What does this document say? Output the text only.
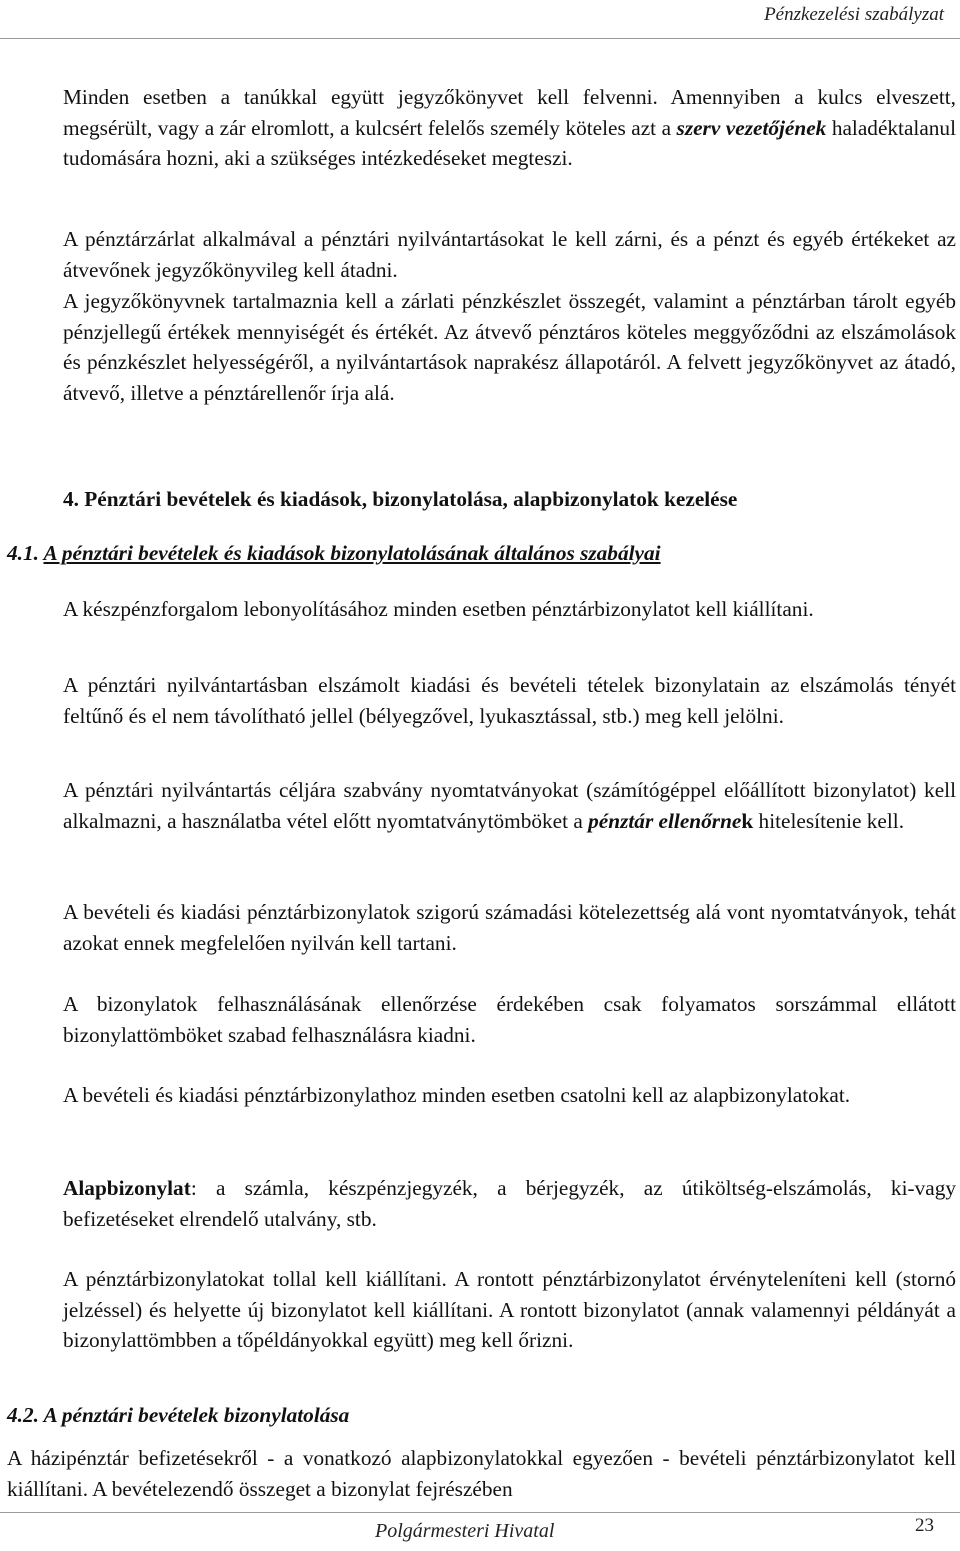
Pénzkezelési szabályzat

Minden esetben a tanúkkal együtt jegyzőkönyvet kell felvenni. Amennyiben a kulcs elveszett, megsérült, vagy a zár elromlott, a kulcsért felelős személy köteles azt a szerv vezetőjének haladéktalanul tudomására hozni, aki a szükséges intézkedéseket megteszi.

A pénztárzárlat alkalmával a pénztári nyilvántartásokat le kell zárni, és a pénzt és egyéb értékeket az átvevőnek jegyzőkönyvileg kell átadni.

A jegyzőkönyvnek tartalmaznia kell a zárlati pénzkészlet összegét, valamint a pénztárban tárolt egyéb pénzjellegű értékek mennyiségét és értékét. Az átvevő pénztáros köteles meggyőződni az elszámolások és pénzkészlet helyességéről, a nyilvántartások naprakész állapotáról. A felvett jegyzőkönyvet az átadó, átvevő, illetve a pénztárellenőr írja alá.

4. Pénztári bevételek és kiadások, bizonylatolása, alapbizonylatok kezelése
4.1. A pénztári bevételek és kiadások bizonylatolásának általános szabályai

A készpénzforgalom lebonyolításához minden esetben pénztárbizonylatot kell kiállítani.

A pénztári nyilvántartásban elszámolt kiadási és bevételi tételek bizonylatain az elszámolás tényét feltűnő és el nem távolítható jellel (bélyegzővel, lyukasztással, stb.) meg kell jelölni.

A pénztári nyilvántartás céljára szabvány nyomtatványokat (számítógéppel előállított bizonylatot) kell alkalmazni, a használatba vétel előtt nyomtatványtömböket a pénztár ellenőrnek hitelesítenie kell.

A bevételi és kiadási pénztárbizonylatok szigorú számadási kötelezettség alá vont nyomtatványok, tehát azokat ennek megfelelően nyilván kell tartani.

A bizonylatok felhasználásának ellenőrzése érdekében csak folyamatos sorszámmal ellátott bizonylattömböket szabad felhasználásra kiadni.

A bevételi és kiadási pénztárbizonylathoz minden esetben csatolni kell az alapbizonylatokat.

Alapbizonylat: a számla, készpénzjegyzék, a bérjegyzék, az útiköltség-elszámolás, ki-vagy befizetéseket elrendelő utalvány, stb.

A pénztárbizonylatokat tollal kell kiállítani. A rontott pénztárbizonylatot érvényteleníteni kell (stornó jelzéssel) és helyette új bizonylatot kell kiállítani. A rontott bizonylatot (annak valamennyi példányát a bizonylattömbben a tőpéldányokkal együtt) meg kell őrizni.

4.2. A pénztári bevételek bizonylatolása

A házipénztár befizetésekről - a vonatkozó alapbizonylatokkal egyezően - bevételi pénztárbizonylatot kell kiállítani. A bevételezendő összeget a bizonylat fejrészében

Polgármesteri Hivatal	23
